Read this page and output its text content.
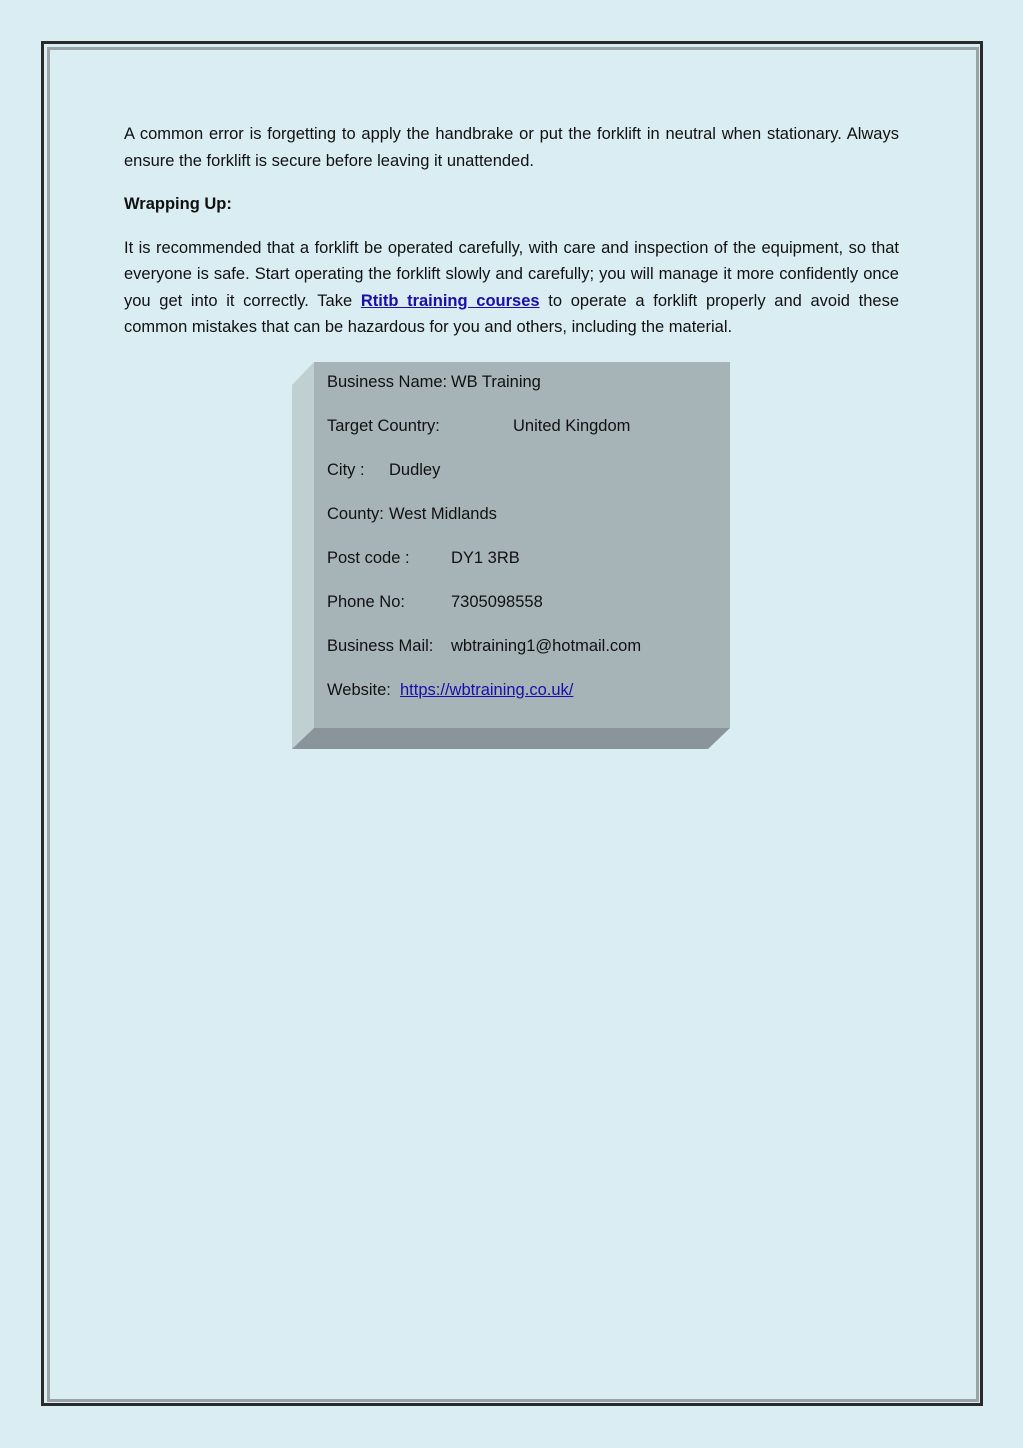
A common error is forgetting to apply the handbrake or put the forklift in neutral when stationary. Always ensure the forklift is secure before leaving it unattended.

Wrapping Up:

It is recommended that a forklift be operated carefully, with care and inspection of the equipment, so that everyone is safe. Start operating the forklift slowly and carefully; you will manage it more confidently once you get into it correctly. Take Rtitb training courses to operate a forklift properly and avoid these common mistakes that can be hazardous for you and others, including the material.

Business Name: WB Training
Target Country:	United Kingdom
City : Dudley
County: West Midlands
Post code :	DY1 3RB
Phone No:	7305098558
Business Mail: wbtraining1@hotmail.com
Website: https://wbtraining.co.uk/
